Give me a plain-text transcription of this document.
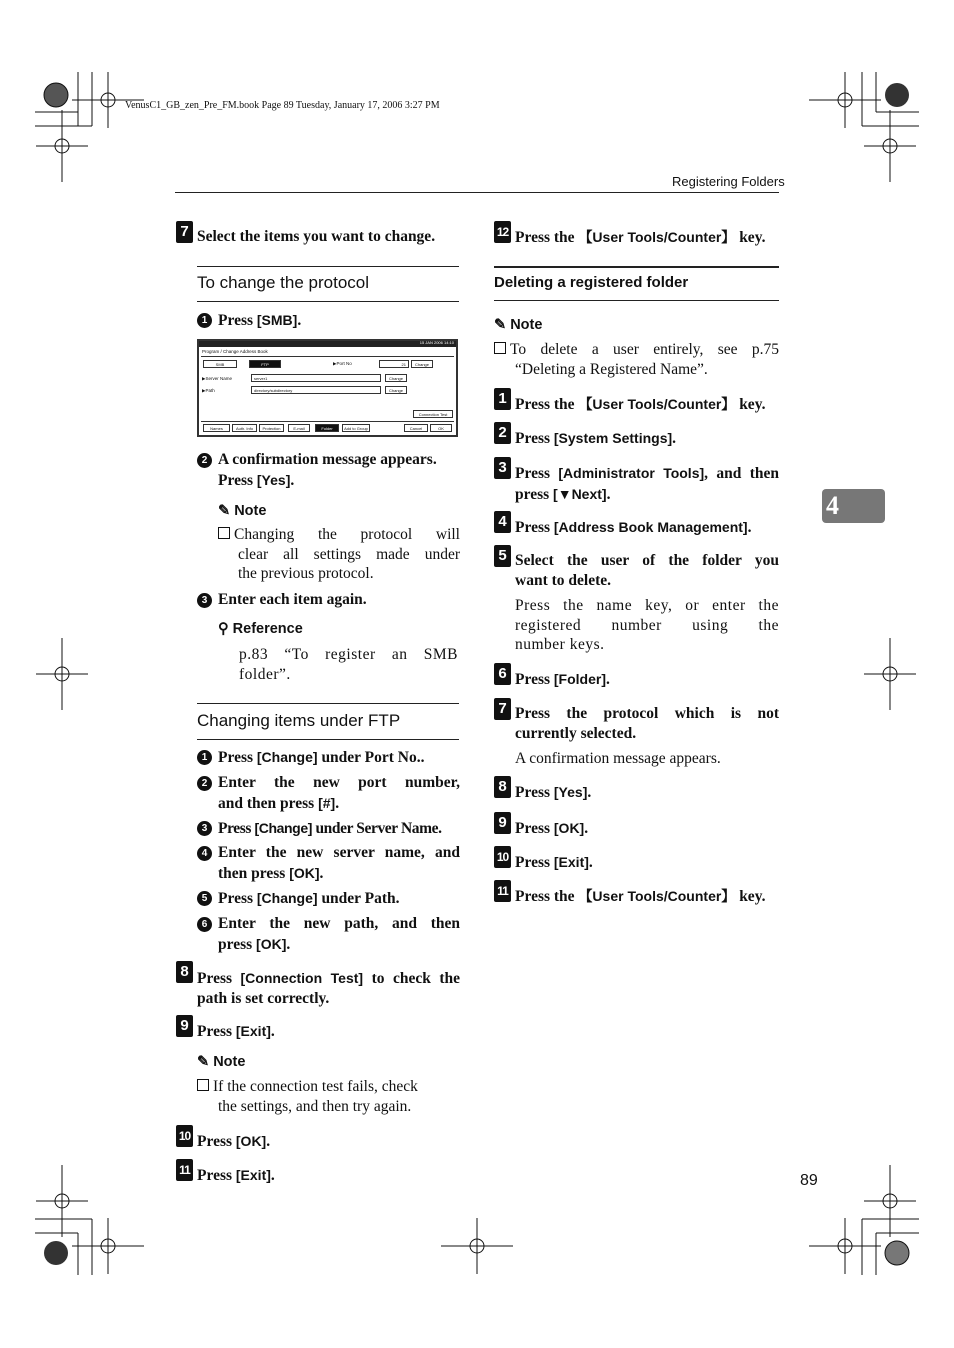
VenusC1_GB_zen_Pre_FM.book Page 89 Tuesday, January 17, 2006 3:27 PM
Registering Folders
4
89
7 Select the items you want to change.
To change the protocol
1 Press [SMB].
15 JAN 2006 14:10
Program / Change Address Book
SMB	FTP	▶Port No	21	Change
▶Server Name	server1	Change
▶Path	directory/subdirectory	Change
Connection Test
Names	Auth. Info	Protection	E-mail	Folder	Add to Group	Cancel	OK
2 A confirmation message appears.
Press [Yes].
✎ Note
Changing the protocol will
clear all settings made under
the previous protocol.
3 Enter each item again.
⚲ Reference
p.83 “To register an SMB
folder”.
Changing items under FTP
1 Press [Change] under Port No..
2 Enter the new port number,
and then press [#].
3 Press [Change] under Server Name.
4 Enter the new server name, and
then press [OK].
5 Press [Change] under Path.
6 Enter the new path, and then
press [OK].
8 Press [Connection Test] to check the
path is set correctly.
9 Press [Exit].
✎ Note
If the connection test fails, check
the settings, and then try again.
10 Press [OK].
11 Press [Exit].
12 Press the 【User Tools/Counter】 key.
Deleting a registered folder
✎ Note
To delete a user entirely, see p.75
“Deleting a Registered Name”.
1 Press the 【User Tools/Counter】 key.
2 Press [System Settings].
3 Press [Administrator Tools], and then
press [▼Next].
4 Press [Address Book Management].
5 Select the user of the folder you
want to delete.
Press the name key, or enter the
registered number using the
number keys.
6 Press [Folder].
7 Press the protocol which is not
currently selected.
A confirmation message appears.
8 Press [Yes].
9 Press [OK].
10 Press [Exit].
11 Press the 【User Tools/Counter】 key.
